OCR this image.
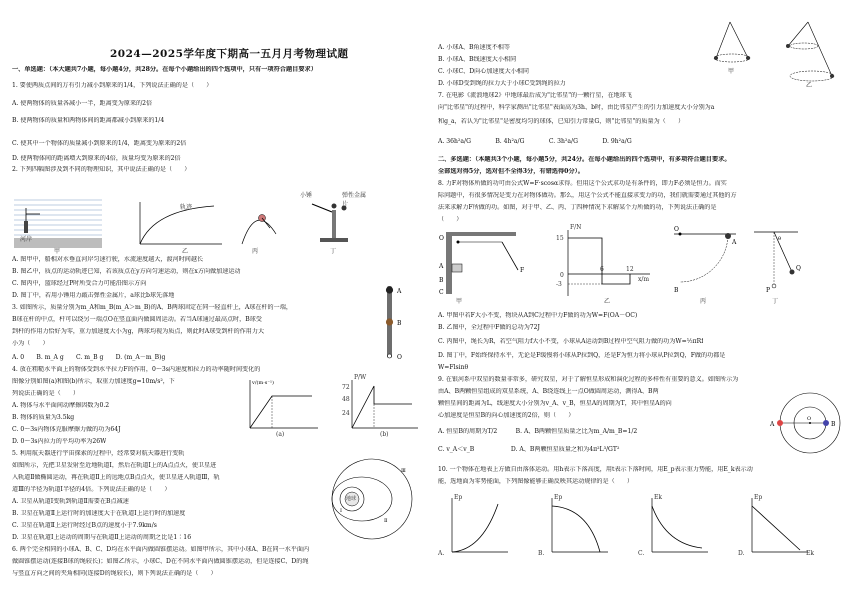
2024—2025学年度下期高一五月月考物理试题
一、单选题：（本大题共7小题，每小题4分，共28分。在每个小题给出的四个选项中，只有一项符合题目要求）
1. 要使两质点间的万有引力减小到原来的1/4，下列说法正确的是（　　）
A. 使两物体的质量各减小一半，距离变为原来的2倍
B. 使两物体的质量和两物体间的距离都减小到原来的1/4
C. 使其中一个物体的质量减小到原来的1/4，距离变为原来的2倍
D. 使两物体间的距离增大到原来的4倍，质量均变为原来的2倍
2. 下列四幅图涉及到不同的物理知识，其中说法正确的是（　　）
河岸
甲
轨迹
乙	丙
小锤	弹性金属片
丁
A. 图甲中，船相对水垂直河岸匀速行驶，水流速度越大，渡河时间越长
B. 图乙中，质点的运动轨迹已知，若该质点在y方向匀速运动，则在x方向做加速运动
C. 图丙中，篮球经过P时所受合力可能沿图示方向
D. 图丁中，若用小锤用力敲击弹性金属片，a球比b球先落地
3. 如图所示，质量分别为m_A和m_B(m_A＞m_B)的A、B两球固定在同一轻直杆上，A球在杆的一端，
B球在杆的中点，杆可以绕另一端点O在竖直面内做圆周运动。若当A球通过最高点时，B球受
到杆的作用力恰好为零，重力加速度大小为g，两球均视为质点，则此时A球受到杆的作用力大
小为（　　）
A. 0　　B. m_A g　　C. m_B g　　D. (m_A－m_B)g
A
B
O
4. 放在粗糙水平面上的物体受到水平拉力F的作用，0～3s内速度和拉力的功率随时间变化的
图像分别如图(a)和图(b)所示，取重力加速度g=10m/s²，下
列说法正确的是（　　）
A. 物体与水平面间动摩擦因数为0.2
B. 物体的质量为3.5kg
C. 0～3s内物体克服摩擦力做的功为64J
D. 0～3s内拉力的平均功率为26W
v/(m·s⁻¹)
(a)
P/W
72
48
24
(b)
5. 利用航天器进行宇宙探索的过程中，经常要对航天器进行变轨
如图所示，先把卫星发射至近地轨道Ⅰ，然后在轨道Ⅰ上的A点点火，使卫星进
入轨道Ⅱ做椭圆运动，再在轨道Ⅱ上的远地点B点点火，使卫星进入轨道Ⅲ，轨
道Ⅲ的半径为轨道Ⅰ半径的4倍。下列说法正确的是（　　）
A. 卫星从轨道Ⅰ变轨到轨道Ⅱ需要在B点减速
B. 卫星在轨道Ⅱ上运行时的加速度大于在轨道Ⅰ上运行时的加速度
C. 卫星在轨道Ⅱ上运行时经过B点的速度小于7.9km/s
D. 卫星在轨道Ⅰ上运动的周期与在轨道Ⅱ上运动的周期之比是1∶16
Ⅲ
Ⅱ
Ⅰ
地球
6. 两个完全相同的小球A、B、C、D均在水平面内做圆锥摆运动。如图甲所示，其中小球A、B在同一水平面内
做圆锥摆运动(连接B球的绳较长)；如图乙所示，小球C、D在不同水平面内做圆锥摆运动，但是连接C、D的绳
与竖直方向之间的夹角相同(连接D的绳较长)，则下列说法正确的是（　　）
A. 小球A、B角速度不相等
B. 小球A、B线速度大小相同
C. 小球C、D向心加速度大小相同
D. 小球D受到绳的拉力大于小球C受到绳的拉力
甲
乙
7. 在电影《流浪地球2》中地球最后成为"比邻星"的一颗行星，在地球飞
向"比邻星"的过程中，科学家测出"比邻星"表面高为3h、b时，由比邻星产生的引力加速度大小分别为a
和g_a，若认为"比邻星"是密度均匀的球体，已知引力常量G，则"比邻星"的质量为（　　）
A. 36h²a/G　　　　B. 4h²a/G　　　　C. 3h²a/G　　　　D. 9h²a/G
二、多选题：（本题共3个小题，每小题5分，共24分。在每小题给出的四个选项中，有多项符合题目要求。
全部选对得5分，选对但不全得3分，有错选得0分）。
8. 力F对物体所做的功可由公式W=F·scosα求得。但用这个公式求功是有条件的，即力F必须是恒力。而实
际问题中，有很多情况是变力在对物体做功。那么，用这个公式不能直接求变力的功，我们就需要通过其他的方
法来求解力F所做的功。如图，对于甲、乙、丙、丁四种情况下求解某个力所做的功，下列说法正确的是
（　　）
O
A
B
C
F
甲
F/N
15
0
-3
6	12
x/m
乙
O
A
B
丙
θ
P
Q
丁
A. 甲图中若F大小不变，物块从A到C过程中力F做的功为W=F(OA－OC)
B. 乙图中，全过程中F做的总功为72J
C. 丙图中，绳长为R，若空气阻力f大小不变，小球从A运动到B过程中空气阻力做的功为W=½πRf
D. 图丁中，F始终保持水平，无论是F缓慢将小球从P拉到Q，还是F为恒力将小球从P拉到Q，F做的功都是
W=Flsinθ
9. 在银河系中双星的数量非常多，研究双星，对于了解恒星形成和演化过程的多样性有重要的意义。如图所示为
由A、B两颗恒星组成的双星系统，A、B绕连线上一点O做圆周运动，测得A、B两
颗恒星间的距离为L，线速度大小分别为v_A、v_B，恒星A的周期为T，其中恒星A的向
心加速度是恒星B的向心加速度的2倍，则（　　）
A. 恒星B的周期为T/2　　　B. A、B两颗恒星质量之比为m_A/m_B=1/2
C. v_A＜v_B　　　　　　D. A、B两颗恒星质量之和为4π²L³/GT²
A	B
O
10. 一个物体在地表上方做自由落体运动。用h表示下落高度，用t表示下落时间，用E_p表示重力势能，用E_k表示动
能，选地面为零势能面，下列图像能够正确反映其运动规律的是（　　）
A.
Ep
B.
Ep
C.
Ek
D.
Ep
Ek
